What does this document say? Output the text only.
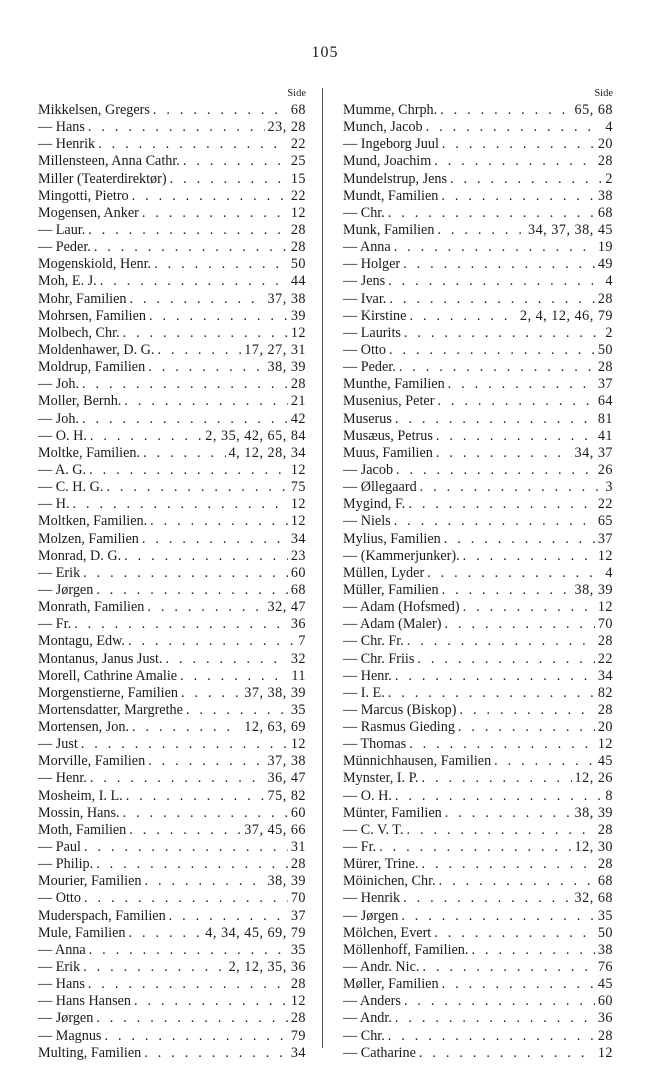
105
Side
Mikkelsen, Gregers . . .	68
— Hans . . .	23, 28
— Henrik . . .	22
Millensteen, Anna Cathr. . . .	25
Miller (Teaterdirektør) . . .	15
Mingotti, Pietro . . .	22
Mogensen, Anker . . .	12
— Laur. . . .	28
— Peder. . . .	28
Mogenskiold, Henr. . . .	50
Moh, E. J. . . .	44
Mohr, Familien . . .	37, 38
Mohrsen, Familien . . .	39
Molbech, Chr. . . .	12
Moldenhawer, D. G. . . .	17, 27, 31
Moldrup, Familien . . .	38, 39
— Joh. . . .	28
Moller, Bernh. . . .	21
— Joh. . . .	42
— O. H. . . .	2, 35, 42, 65, 84
Moltke, Familien. . . .	4, 12, 28, 34
— A. G. . . .	12
— C. H. G. . . .	75
— H. . . .	12
Moltken, Familien. . . .	12
Molzen, Familien . . .	34
Monrad, D. G. . . .	23
— Erik . . .	60
— Jørgen . . .	68
Monrath, Familien . . .	32, 47
— Fr. . . .	36
Montagu, Edw. . . .	7
Montanus, Janus Just. . . .	32
Morell, Cathrine Amalie . . .	11
Morgenstierne, Familien . . .	37, 38, 39
Mortensdatter, Margrethe . . .	35
Mortensen, Jon. . . .	12, 63, 69
— Just . . .	12
Morville, Familien . . .	37, 38
— Henr. . . .	36, 47
Mosheim, I. L. . . .	75, 82
Mossin, Hans. . . .	60
Moth, Familien . . .	37, 45, 66
— Paul . . .	31
— Philip. . . .	28
Mourier, Familien . . .	38, 39
— Otto . . .	70
Muderspach, Familien . . .	37
Mule, Familien . . .	4, 34, 45, 69, 79
— Anna . . .	35
— Erik . . .	2, 12, 35, 36
— Hans . . .	28
— Hans Hansen . . .	12
— Jørgen . . .	28
— Magnus . . .	79
Multing, Familien . . .	34
Side
Mumme, Chrph. . . .	65, 68
Munch, Jacob . . .	4
— Ingeborg Juul . . .	20
Mund, Joachim . . .	28
Mundelstrup, Jens . . .	2
Mundt, Familien . . .	38
— Chr. . . .	68
Munk, Familien . . .	34, 37, 38, 45
— Anna . . .	19
— Holger . . .	49
— Jens . . .	4
— Ivar. . . .	28
— Kirstine . . .	2, 4, 12, 46, 79
— Laurits . . .	2
— Otto . . .	50
— Peder. . . .	28
Munthe, Familien . . .	37
Musenius, Peter . . .	64
Muserus . . .	81
Musæus, Petrus . . .	41
Muus, Familien . . .	34, 37
— Jacob . . .	26
— Øllegaard . . .	3
Mygind, F. . . .	22
— Niels . . .	65
Mylius, Familien . . .	37
— (Kammerjunker). . . .	12
Müllen, Lyder . . .	4
Müller, Familien . . .	38, 39
— Adam (Hofsmed) . . .	12
— Adam (Maler) . . .	70
— Chr. Fr. . . .	28
— Chr. Friis . . .	22
— Henr. . . .	34
— I. E. . . .	82
— Marcus (Biskop) . . .	28
— Rasmus Gieding . . .	20
— Thomas . . .	12
Münnichhausen, Familien . . .	45
Mynster, I. P. . . .	12, 26
— O. H. . . .	8
Münter, Familien . . .	38, 39
— C. V. T. . . .	28
— Fr. . . .	12, 30
Mürer, Trine. . . .	28
Möinichen, Chr. . . .	68
— Henrik . . .	32, 68
— Jørgen . . .	35
Mölchen, Evert . . .	50
Möllenhoff, Familien. . . .	38
— Andr. Nic. . . .	76
Møller, Familien . . .	45
— Anders . . .	60
— Andr. . . .	36
— Chr. . . .	28
— Catharine . . .	12
